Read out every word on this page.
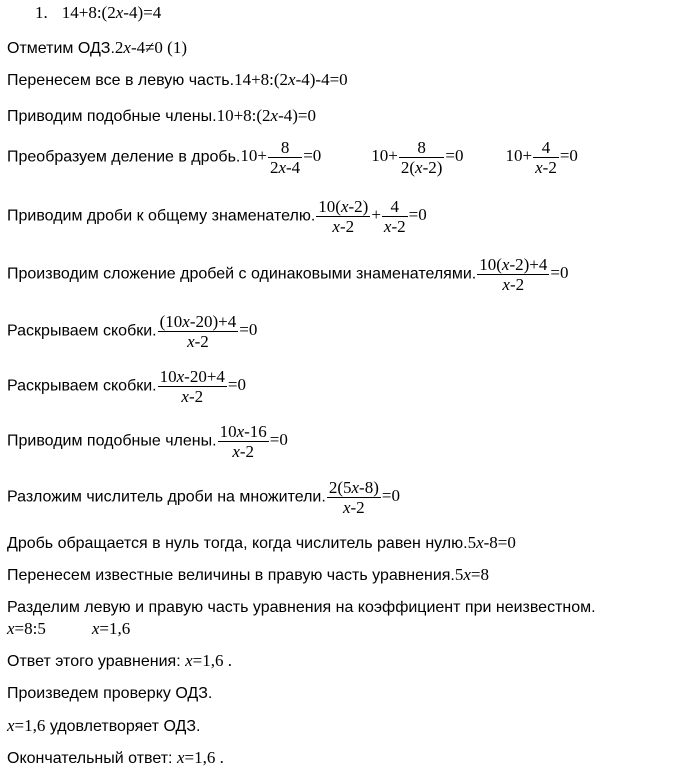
1. 14+8:(2x-4)=4
Отметим ОДЗ.2x-4≠0 (1)
Перенесем все в левую часть.14+8:(2x-4)-4=0
Приводим подобные члены.10+8:(2x-4)=0
Преобразуем деление в дробь.10+ $\frac{8}{2x-4} =0$	$10+ \frac{8}{2(x-2)} =0$ $10+ \frac{4}{x-2} =0$
Приводим дроби к общему знаменателю. $\frac{10(x-2)}{x-2} + \frac{4}{x-2} =0$
Производим сложение дробей с одинаковыми знаменателями. $\frac{10(x-2)+4}{x-2} =0$
Раскрываем скобки. $\frac{(10x-20)+4}{x-2} =0$
Раскрываем скобки. $\frac{10x-20+4}{x-2} =0$
Приводим подобные члены. $\frac{10x-16}{x-2} =0$
Разложим числитель дроби на множители. $\frac{2(5x-8)}{x-2} =0$
Дробь обращается в нуль тогда, когда числитель равен нулю.5x-8=0
Перенесем известные величины в правую часть уравнения.5x=8
Разделим левую и правую часть уравнения на коэффициент при неизвестном.
x=8:5	x=1,6
Ответ этого уравнения: x=1,6 .
Произведем проверку ОДЗ.
x=1,6 удовлетворяет ОДЗ.
Окончательный ответ: x=1,6 .
